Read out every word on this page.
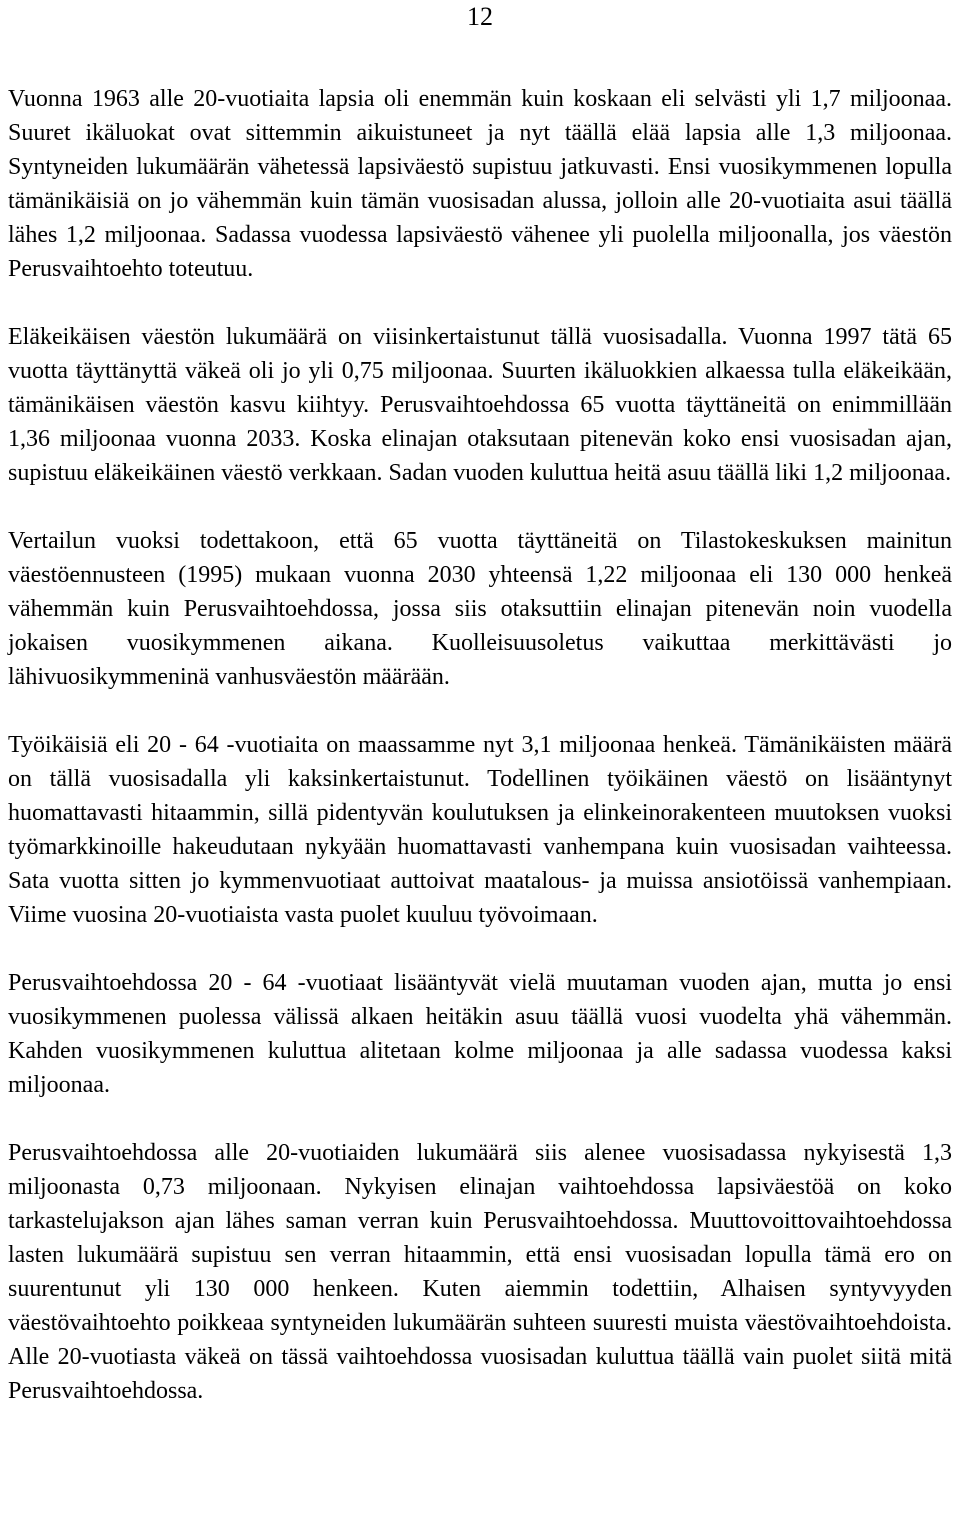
12

Vuonna 1963 alle 20-vuotiaita lapsia oli enemmän kuin koskaan eli selvästi yli 1,7 miljoonaa. Suuret ikäluokat ovat sittemmin aikuistuneet ja nyt täällä elää lapsia alle 1,3 miljoonaa. Syntyneiden lukumäärän vähetessä lapsiväestö supistuu jatkuvasti. Ensi vuosikymmenen lopulla tämänikäisiä on jo vähemmän kuin tämän vuosisadan alussa, jolloin alle 20-vuotiaita asui täällä lähes 1,2 miljoonaa. Sadassa vuodessa lapsiväestö vähenee yli puolella miljoonalla, jos väestön Perusvaihtoehto toteutuu.

Eläkeikäisen väestön lukumäärä on viisinkertaistunut tällä vuosisadalla. Vuonna 1997 tätä 65 vuotta täyttänyttä väkeä oli jo yli 0,75 miljoonaa. Suurten ikäluokkien alkaessa tulla eläkeikään, tämänikäisen väestön kasvu kiihtyy. Perusvaihtoehdossa 65 vuotta täyttäneitä on enimmillään 1,36 miljoonaa vuonna 2033. Koska elinajan otaksutaan pitenevän koko ensi vuosisadan ajan, supistuu eläkeikäinen väestö verkkaan. Sadan vuoden kuluttua heitä asuu täällä liki 1,2 miljoonaa.

Vertailun vuoksi todettakoon, että 65 vuotta täyttäneitä on Tilastokeskuksen mainitun väestöennusteen (1995) mukaan vuonna 2030 yhteensä 1,22 miljoonaa eli 130 000 henkeä vähemmän kuin Perusvaihtoehdossa, jossa siis otaksuttiin elinajan pitenevän noin vuodella jokaisen vuosikymmenen aikana. Kuolleisuusoletus vaikuttaa merkittävästi jo lähivuosikymmeninä vanhusväestön määrään.

Työikäisiä eli 20 - 64 -vuotiaita on maassamme nyt 3,1 miljoonaa henkeä. Tämänikäisten määrä on tällä vuosisadalla yli kaksinkertaistunut. Todellinen työikäinen väestö on lisääntynyt huomattavasti hitaammin, sillä pidentyvän koulutuksen ja elinkeinorakenteen muutoksen vuoksi työmarkkinoille hakeudutaan nykyään huomattavasti vanhempana kuin vuosisadan vaihteessa. Sata vuotta sitten jo kymmenvuotiaat auttoivat maatalous- ja muissa ansiotöissä vanhempiaan. Viime vuosina 20-vuotiaista vasta puolet kuuluu työvoimaan.

Perusvaihtoehdossa 20 - 64 -vuotiaat lisääntyvät vielä muutaman vuoden ajan, mutta jo ensi vuosikymmenen puolessa välissä alkaen heitäkin asuu täällä vuosi vuodelta yhä vähemmän. Kahden vuosikymmenen kuluttua alitetaan kolme miljoonaa ja alle sadassa vuodessa kaksi miljoonaa.

Perusvaihtoehdossa alle 20-vuotiaiden lukumäärä siis alenee vuosisadassa nykyisestä 1,3 miljoonasta 0,73 miljoonaan. Nykyisen elinajan vaihtoehdossa lapsiväestöä on koko tarkastelujakson ajan lähes saman verran kuin Perusvaihtoehdossa. Muuttovoittovaihtoehdossa lasten lukumäärä supistuu sen verran hitaammin, että ensi vuosisadan lopulla tämä ero on suurentunut yli 130 000 henkeen. Kuten aiemmin todettiin, Alhaisen syntyvyyden väestövaihtoehto poikkeaa syntyneiden lukumäärän suhteen suuresti muista väestövaihtoehdoista. Alle 20-vuotiasta väkeä on tässä vaihtoehdossa vuosisadan kuluttua täällä vain puolet siitä mitä Perusvaihtoehdossa.
